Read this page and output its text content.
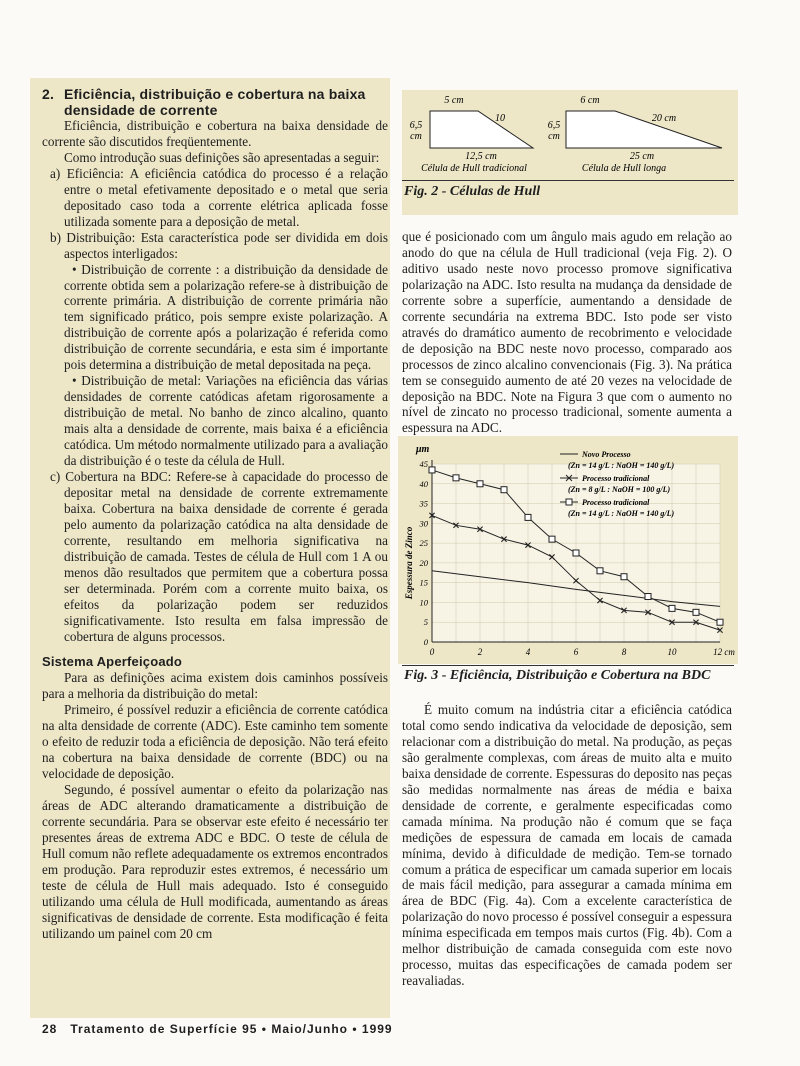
2. Eficiência, distribuição e cobertura na baixa
densidade de corrente

Eficiência, distribuição e cobertura na baixa densidade de corrente são discutidos freqüentemente.

Como introdução suas definições são apresentadas a seguir:

a) Eficiência: A eficiência catódica do processo é a relação entre o metal efetivamente depositado e o metal que seria depositado caso toda a corrente elétrica aplicada fosse utilizada somente para a deposição de metal.

b) Distribuição: Esta característica pode ser dividida em dois aspectos interligados:

• Distribuição de corrente : a distribuição da densidade de corrente obtida sem a polarização refere-se à distribuição de corrente primária. A distribuição de corrente primária não tem significado prático, pois sempre existe polarização. A distribuição de corrente após a polarização é referida como distribuição de corrente secundária, e esta sim é importante pois determina a distribuição de metal depositada na peça.

• Distribuição de metal: Variações na eficiência das várias densidades de corrente catódicas afetam rigorosamente a distribuição de metal. No banho de zinco alcalino, quanto mais alta a densidade de corrente, mais baixa é a eficiência catódica. Um método normalmente utilizado para a avaliação da distribuição é o teste da célula de Hull.

c) Cobertura na BDC: Refere-se à capacidade do processo de depositar metal na densidade de corrente extremamente baixa. Cobertura na baixa densidade de corrente é gerada pelo aumento da polarização catódica na alta densidade de corrente, resultando em melhoria significativa na distribuição de camada. Testes de célula de Hull com 1 A ou menos dão resultados que permitem que a cobertura possa ser determinada. Porém com a corrente muito baixa, os efeitos da polarização podem ser reduzidos significativamente. Isto resulta em falsa impressão de cobertura de alguns processos.

Sistema Aperfeiçoado

Para as definições acima existem dois caminhos possíveis para a melhoria da distribuição do metal:

Primeiro, é possível reduzir a eficiência de corrente catódica na alta densidade de corrente (ADC). Este caminho tem somente o efeito de reduzir toda a eficiência de deposição. Não terá efeito na cobertura na baixa densidade de corrente (BDC) ou na velocidade de deposição.

Segundo, é possível aumentar o efeito da polarização nas áreas de ADC alterando dramaticamente a distribuição de corrente secundária. Para se observar este efeito é necessário ter presentes áreas de extrema ADC e BDC. O teste de célula de Hull comum não reflete adequadamente os extremos encontrados em produção. Para reproduzir estes extremos, é necessário um teste de célula de Hull mais adequado. Isto é conseguido utilizando uma célula de Hull modificada, aumentando as áreas significativas de densidade de corrente. Esta modificação é feita utilizando um painel com 20 cm

5 cm
10
6,5
cm
12,5 cm
Célula de Hull tradicional
6 cm
20 cm
6,5
cm
25 cm
Célula de Hull longa
Fig. 2 - Células de Hull

que é posicionado com um ângulo mais agudo em relação ao anodo do que na célula de Hull tradicional (veja Fig. 2). O aditivo usado neste novo processo promove significativa polarização na ADC. Isto resulta na mudança da densidade de corrente sobre a superfície, aumentando a densidade de corrente secundária na extrema BDC. Isto pode ser visto através do dramático aumento de recobrimento e velocidade de deposição na BDC neste novo processo, comparado aos processos de zinco alcalino convencionais (Fig. 3). Na prática tem se conseguido aumento de até 20 vezes na velocidade de deposição na BDC. Note na Figura 3 que com o aumento no nível de zincato no processo tradicional, somente aumenta a espessura na ADC.

0
5
10
15
20
25
30
35
40
45
0	2	4	6	8	10	12 cm
Espessura de Zinco
Novo Processo
(Zn = 14 g/L : NaOH = 140 g/L)
Processo tradicional
(Zn = 8 g/L : NaOH = 100 g/L)
Processo tradicional
(Zn = 14 g/L : NaOH = 140 g/L)
μm
Fig. 3 - Eficiência, Distribuição e Cobertura na BDC

É muito comum na indústria citar a eficiência catódica total como sendo indicativa da velocidade de deposição, sem relacionar com a distribuição do metal. Na produção, as peças são geralmente complexas, com áreas de muito alta e muito baixa densidade de corrente. Espessuras do deposito nas peças são medidas normalmente nas áreas de média e baixa densidade de corrente, e geralmente especificadas como camada mínima. Na produção não é comum que se faça medições de espessura de camada em locais de camada mínima, devido à dificuldade de medição. Tem-se tornado comum a prática de especificar um camada superior em locais de mais fácil medição, para assegurar a camada mínima em área de BDC (Fig. 4a). Com a excelente característica de polarização do novo processo é possível conseguir a espessura mínima especificada em tempos mais curtos (Fig. 4b). Com a melhor distribuição de camada conseguida com este novo processo, muitas das especificações de camada podem ser reavaliadas.

28 Tratamento de Superfície 95 • Maio/Junho • 1999
